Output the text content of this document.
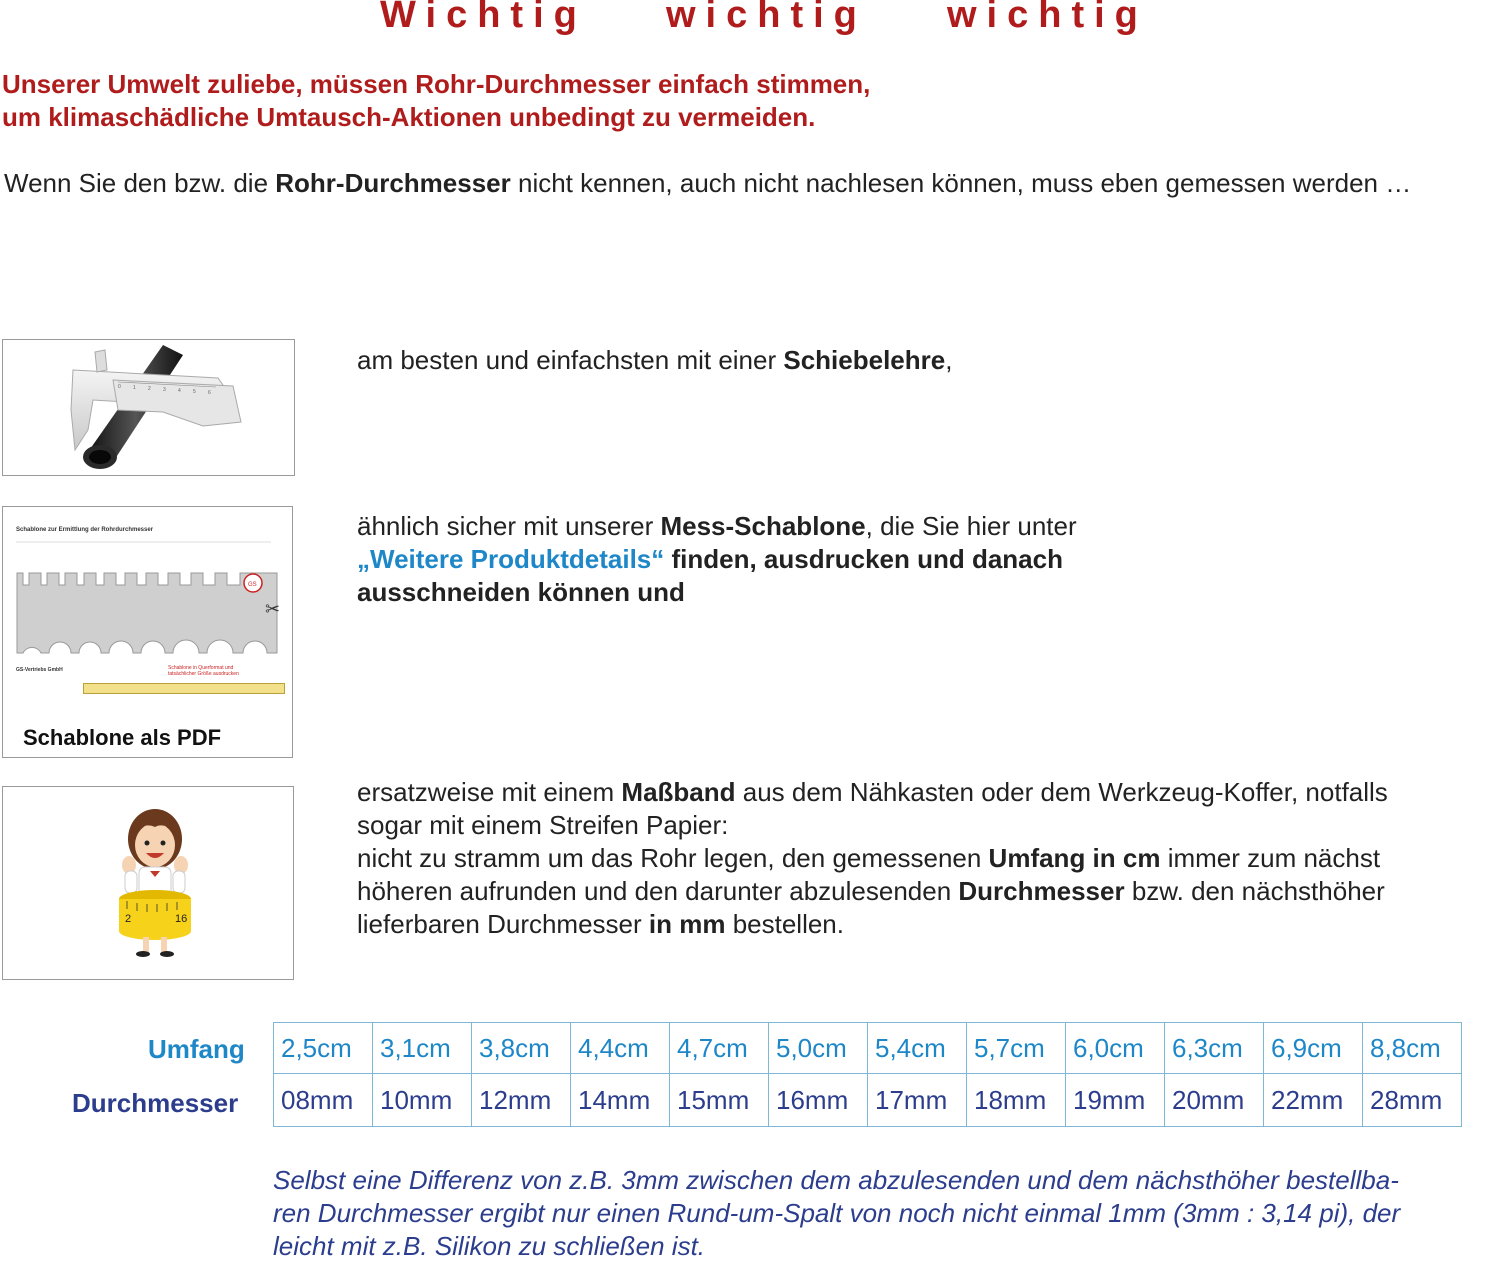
Wichtig wichtig wichtig
Unserer Umwelt zuliebe, müssen Rohr-Durchmesser einfach stimmen,
um klimaschädliche Umtausch-Aktionen unbedingt zu vermeiden.
Wenn Sie den bzw. die Rohr-Durchmesser nicht kennen, auch nicht nachlesen können, muss eben gemessen werden …
0 1 2 3 4 5 6
am besten und einfachsten mit einer Schiebelehre,
Schablone zur Ermittlung der Rohrdurchmesser
GS
✂
GS-Vertriebs GmbH	Schablone in Querformat und tatsächlicher Größe ausdrucken
Schablone als PDF
ähnlich sicher mit unserer Mess-Schablone, die Sie hier unter
„Weitere Produktdetails“ finden, ausdrucken und danach
ausschneiden können und
2	16
ersatzweise mit einem Maßband aus dem Nähkasten oder dem Werkzeug-Koffer, notfalls
sogar mit einem Streifen Papier:
nicht zu stramm um das Rohr legen, den gemessenen Umfang in cm immer zum nächst
höheren aufrunden und den darunter abzulesenden Durchmesser bzw. den nächsthöher
lieferbaren Durchmesser in mm bestellen.
Umfang
Durchmesser
2,5cm	3,1cm	3,8cm	4,4cm	4,7cm	5,0cm	5,4cm	5,7cm	6,0cm	6,3cm	6,9cm	8,8cm
08mm	10mm	12mm	14mm	15mm	16mm	17mm	18mm	19mm	20mm	22mm	28mm
Selbst eine Differenz von z.B. 3mm zwischen dem abzulesenden und dem nächsthöher bestellba-
ren Durchmesser ergibt nur einen Rund-um-Spalt von noch nicht einmal 1mm (3mm : 3,14 pi), der
leicht mit z.B. Silikon zu schließen ist.
